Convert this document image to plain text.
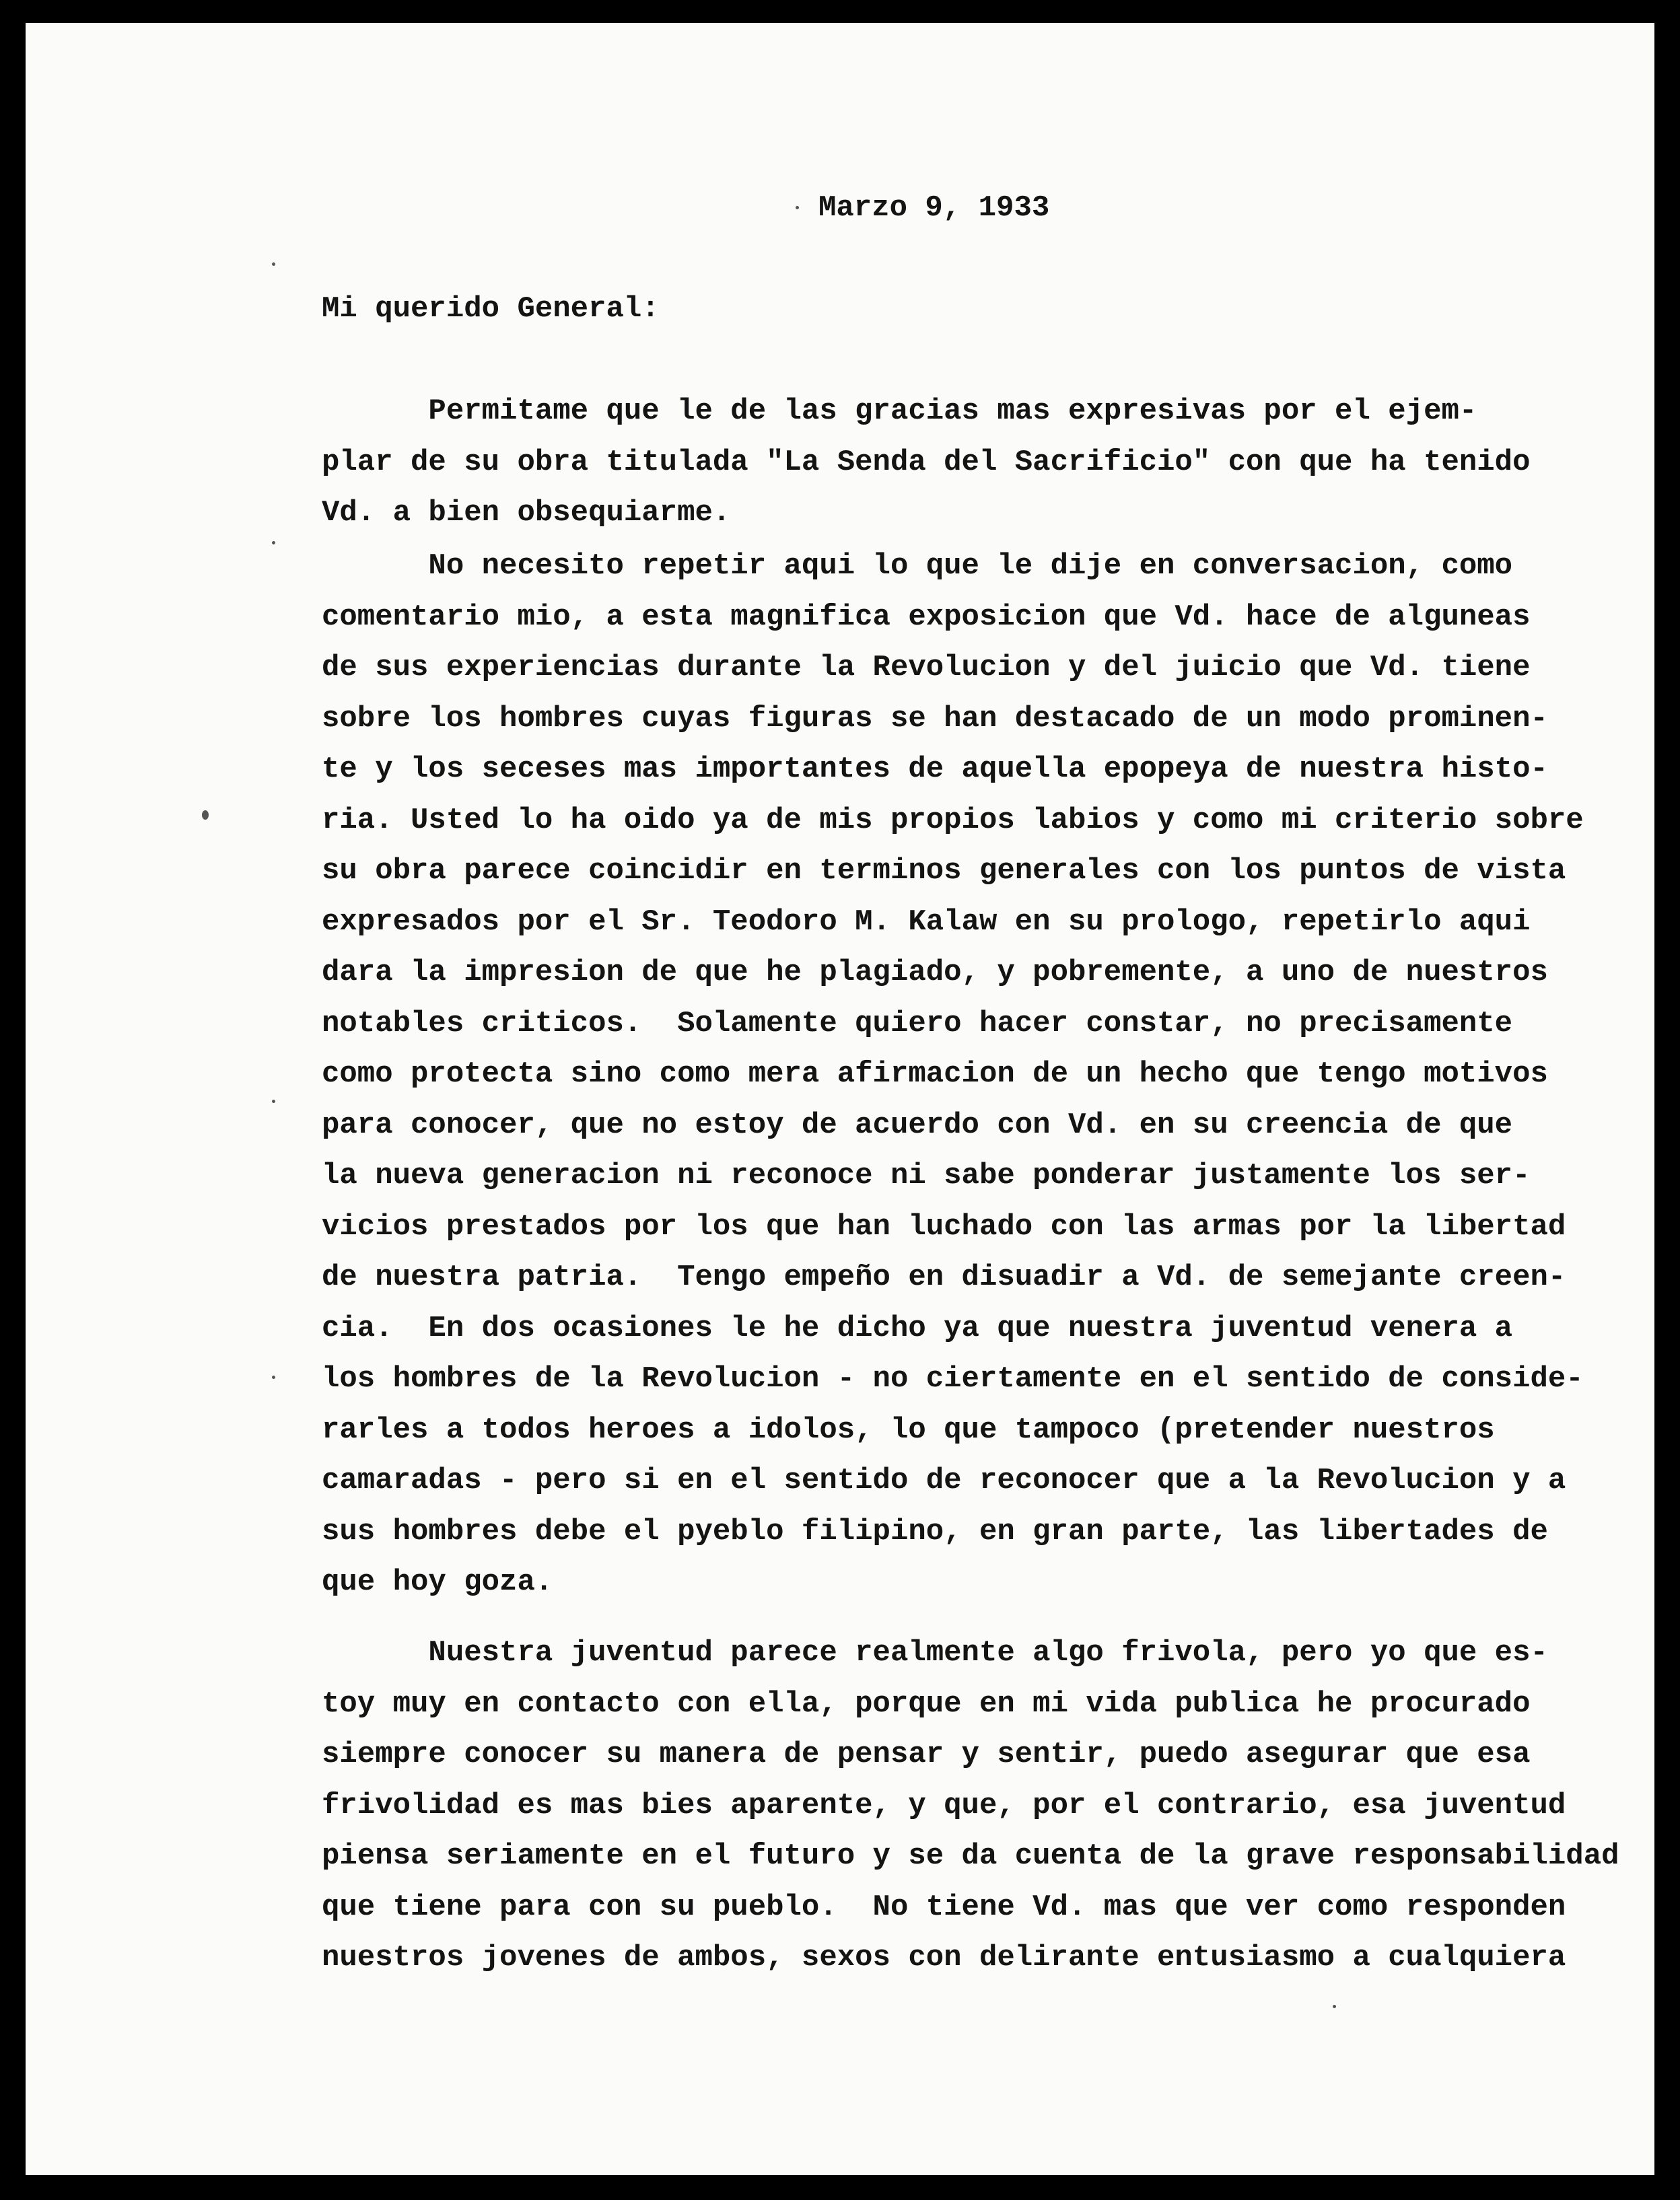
Marzo 9, 1933
Mi querido General:
Permitame que le de las gracias mas expresivas por el ejem-
plar de su obra titulada "La Senda del Sacrificio" con que ha tenido
Vd. a bien obsequiarme.
No necesito repetir aqui lo que le dije en conversacion, como
comentario mio, a esta magnifica exposicion que Vd. hace de alguneas
de sus experiencias durante la Revolucion y del juicio que Vd. tiene
sobre los hombres cuyas figuras se han destacado de un modo prominen-
te y los seceses mas importantes de aquella epopeya de nuestra histo-
ria. Usted lo ha oido ya de mis propios labios y como mi criterio sobre
su obra parece coincidir en terminos generales con los puntos de vista
expresados por el Sr. Teodoro M. Kalaw en su prologo, repetirlo aqui
dara la impresion de que he plagiado, y pobremente, a uno de nuestros
notables criticos.  Solamente quiero hacer constar, no precisamente
como protecta sino como mera afirmacion de un hecho que tengo motivos
para conocer, que no estoy de acuerdo con Vd. en su creencia de que
la nueva generacion ni reconoce ni sabe ponderar justamente los ser-
vicios prestados por los que han luchado con las armas por la libertad
de nuestra patria.  Tengo empeño en disuadir a Vd. de semejante creen-
cia.  En dos ocasiones le he dicho ya que nuestra juventud venera a
los hombres de la Revolucion - no ciertamente en el sentido de conside-
rarles a todos heroes a idolos, lo que tampoco (pretender nuestros
camaradas - pero si en el sentido de reconocer que a la Revolucion y a
sus hombres debe el pyeblo filipino, en gran parte, las libertades de
que hoy goza.
Nuestra juventud parece realmente algo frivola, pero yo que es-
toy muy en contacto con ella, porque en mi vida publica he procurado
siempre conocer su manera de pensar y sentir, puedo asegurar que esa
frivolidad es mas bies aparente, y que, por el contrario, esa juventud
piensa seriamente en el futuro y se da cuenta de la grave responsabilidad
que tiene para con su pueblo.  No tiene Vd. mas que ver como responden
nuestros jovenes de ambos, sexos con delirante entusiasmo a cualquiera
